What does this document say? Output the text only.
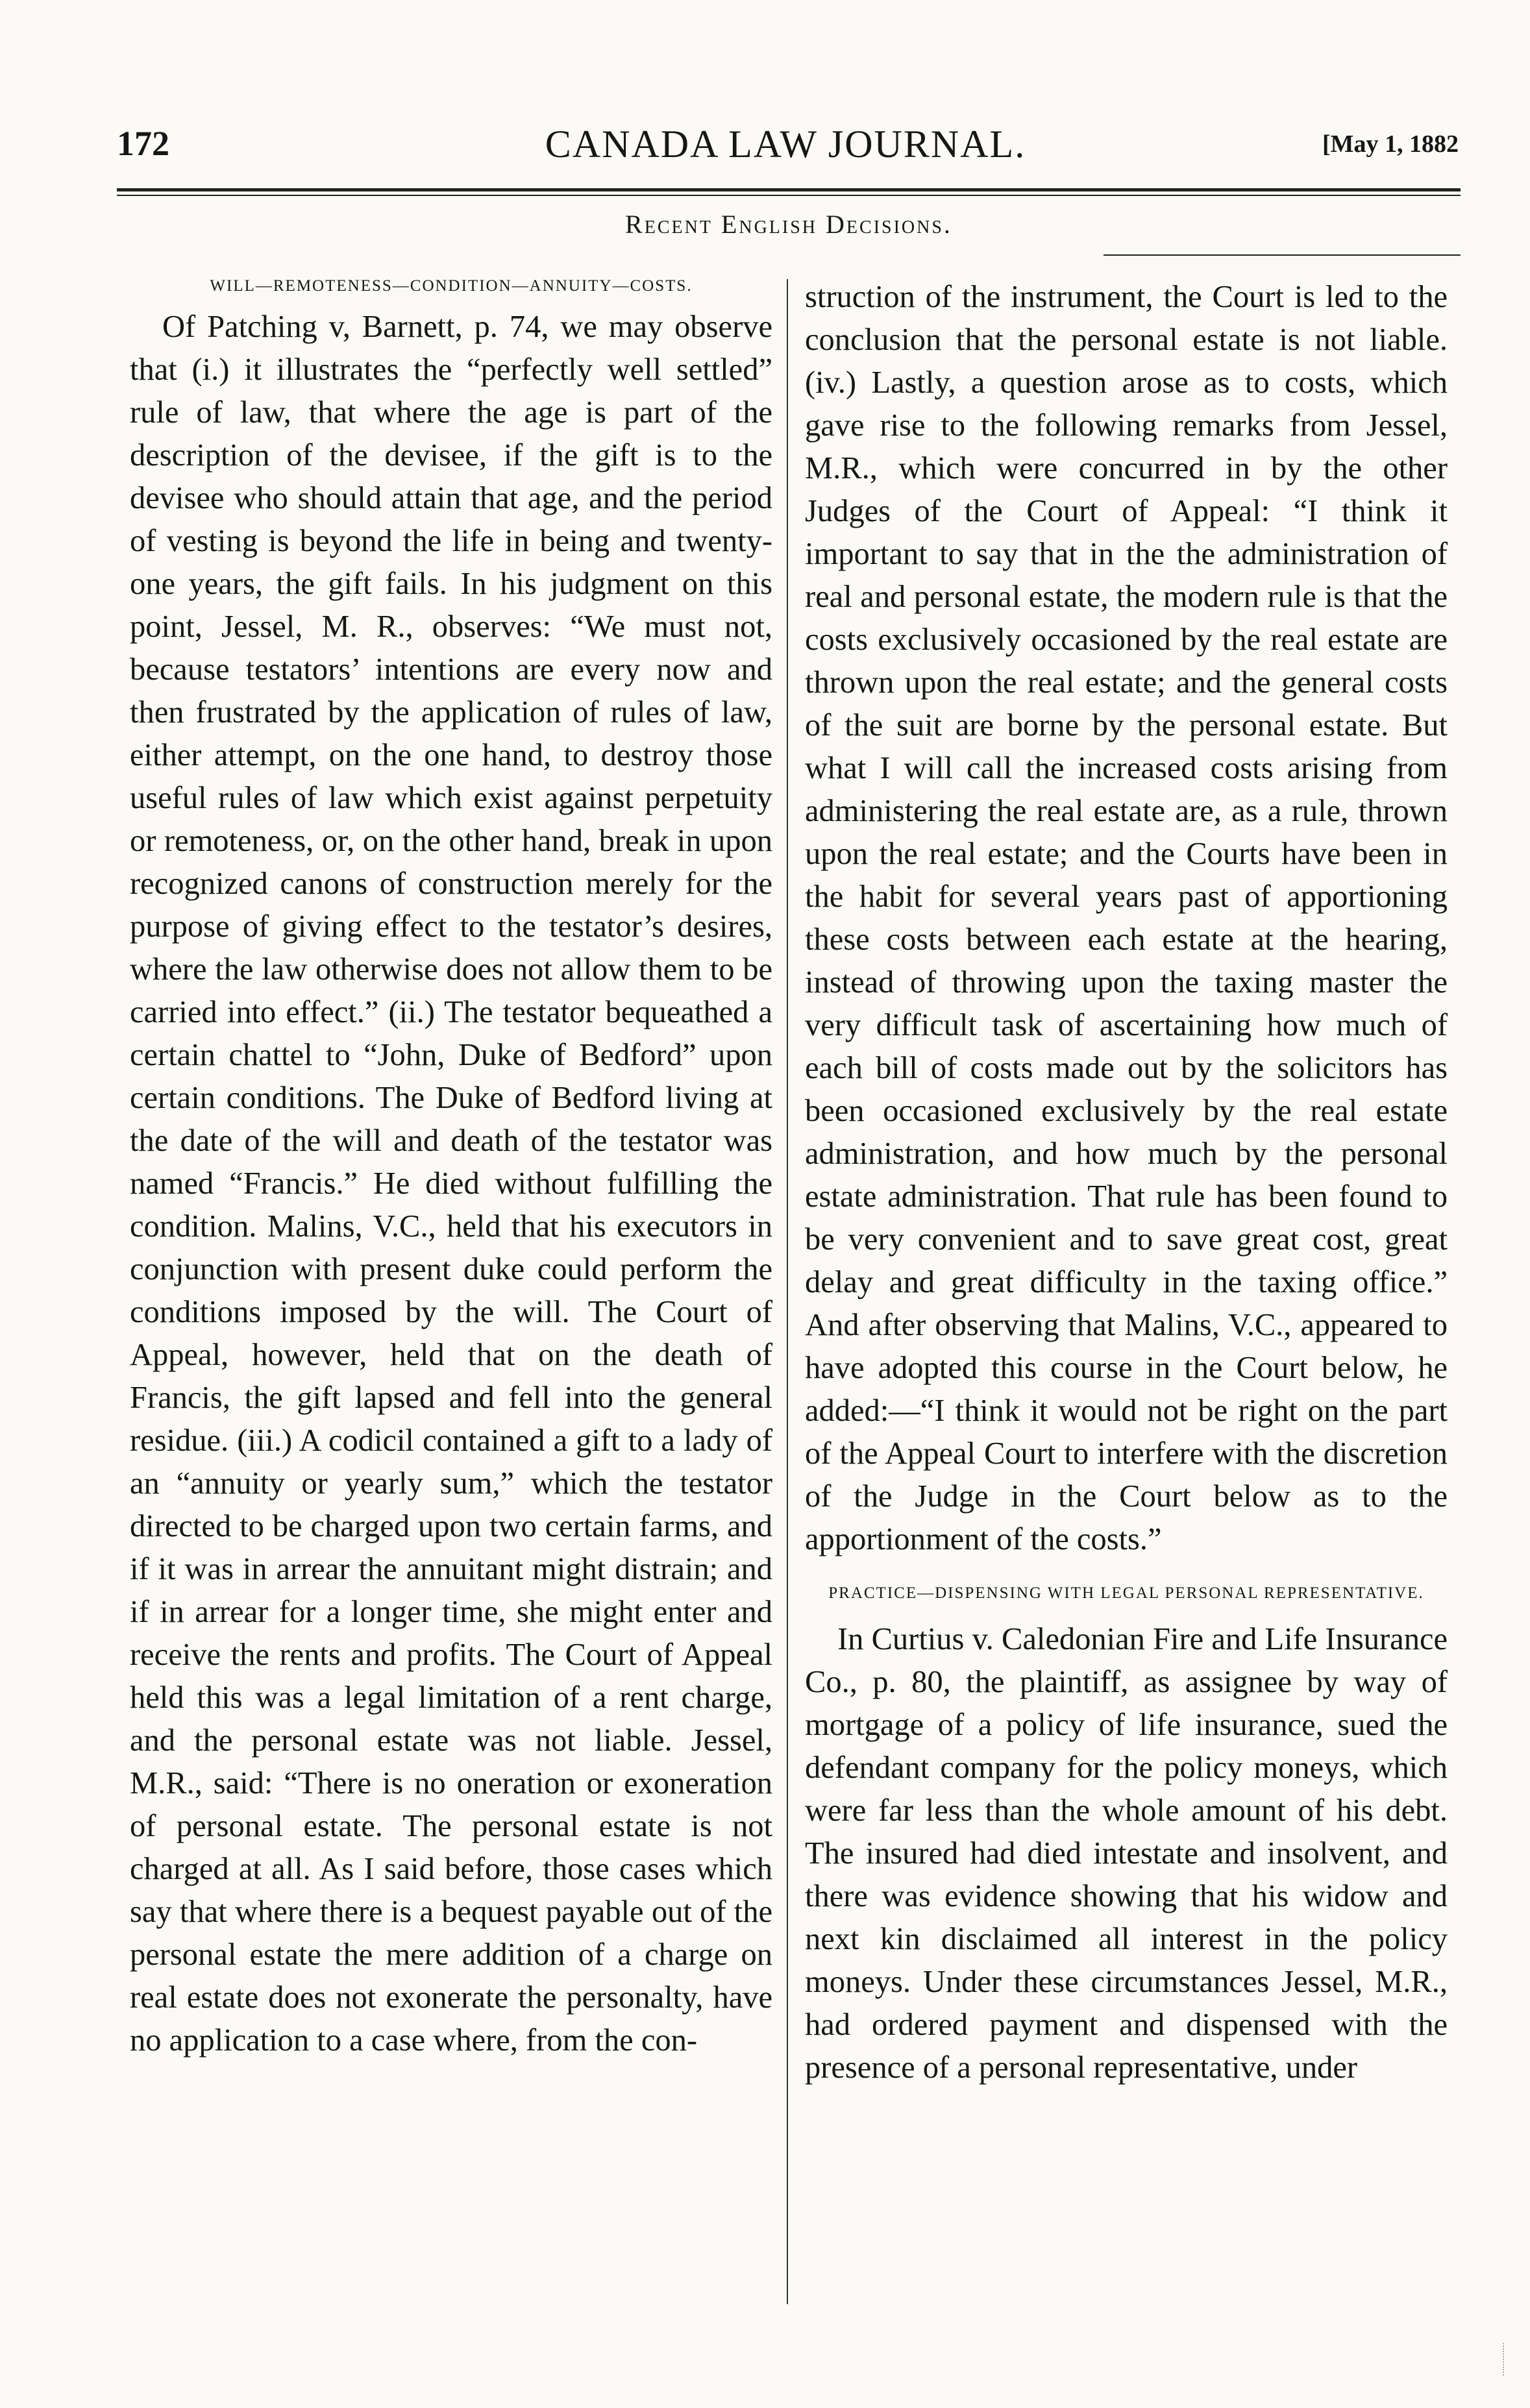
172	CANADA LAW JOURNAL.	[May 1, 1882
Recent English Decisions.

WILL—REMOTENESS—CONDITION—ANNUITY—COSTS.

Of Patching v, Barnett, p. 74, we may observe that (i.) it illustrates the “perfectly well settled” rule of law, that where the age is part of the description of the devisee, if the gift is to the devisee who should attain that age, and the period of vesting is beyond the life in being and twenty-one years, the gift fails. In his judgment on this point, Jessel, M. R., observes: “We must not, because testators’ intentions are every now and then frustrated by the application of rules of law, either attempt, on the one hand, to destroy those useful rules of law which exist against perpetuity or remoteness, or, on the other hand, break in upon recognized canons of construction merely for the purpose of giving effect to the testator’s desires, where the law otherwise does not allow them to be carried into effect.” (ii.) The testator bequeathed a certain chattel to “John, Duke of Bedford” upon certain conditions. The Duke of Bedford living at the date of the will and death of the testator was named “Francis.” He died without fulfilling the condition. Malins, V.C., held that his executors in conjunction with present duke could perform the conditions imposed by the will. The Court of Appeal, however, held that on the death of Francis, the gift lapsed and fell into the general residue. (iii.) A codicil contained a gift to a lady of an “annuity or yearly sum,” which the testator directed to be charged upon two certain farms, and if it was in arrear the annuitant might distrain; and if in arrear for a longer time, she might enter and receive the rents and profits. The Court of Appeal held this was a legal limitation of a rent charge, and the personal estate was not liable. Jessel, M.R., said: “There is no oneration or exoneration of personal estate. The personal estate is not charged at all. As I said before, those cases which say that where there is a bequest payable out of the personal estate the mere addition of a charge on real estate does not exonerate the personalty, have no application to a case where, from the con-

struction of the instrument, the Court is led to the conclusion that the personal estate is not liable. (iv.) Lastly, a question arose as to costs, which gave rise to the following remarks from Jessel, M.R., which were concurred in by the other Judges of the Court of Appeal: “I think it important to say that in the the administration of real and personal estate, the modern rule is that the costs exclusively occasioned by the real estate are thrown upon the real estate; and the general costs of the suit are borne by the personal estate. But what I will call the increased costs arising from administering the real estate are, as a rule, thrown upon the real estate; and the Courts have been in the habit for several years past of apportioning these costs between each estate at the hearing, instead of throwing upon the taxing master the very difficult task of ascertaining how much of each bill of costs made out by the solicitors has been occasioned exclusively by the real estate administration, and how much by the personal estate administration. That rule has been found to be very convenient and to save great cost, great delay and great difficulty in the taxing office.” And after observing that Malins, V.C., appeared to have adopted this course in the Court below, he added:—“I think it would not be right on the part of the Appeal Court to interfere with the discretion of the Judge in the Court below as to the apportionment of the costs.”

PRACTICE—DISPENSING WITH LEGAL PERSONAL REPRESENTATIVE.

In Curtius v. Caledonian Fire and Life Insurance Co., p. 80, the plaintiff, as assignee by way of mortgage of a policy of life insurance, sued the defendant company for the policy moneys, which were far less than the whole amount of his debt. The insured had died intestate and insolvent, and there was evidence showing that his widow and next kin disclaimed all interest in the policy moneys. Under these circumstances Jessel, M.R., had ordered payment and dispensed with the presence of a personal representative, under
